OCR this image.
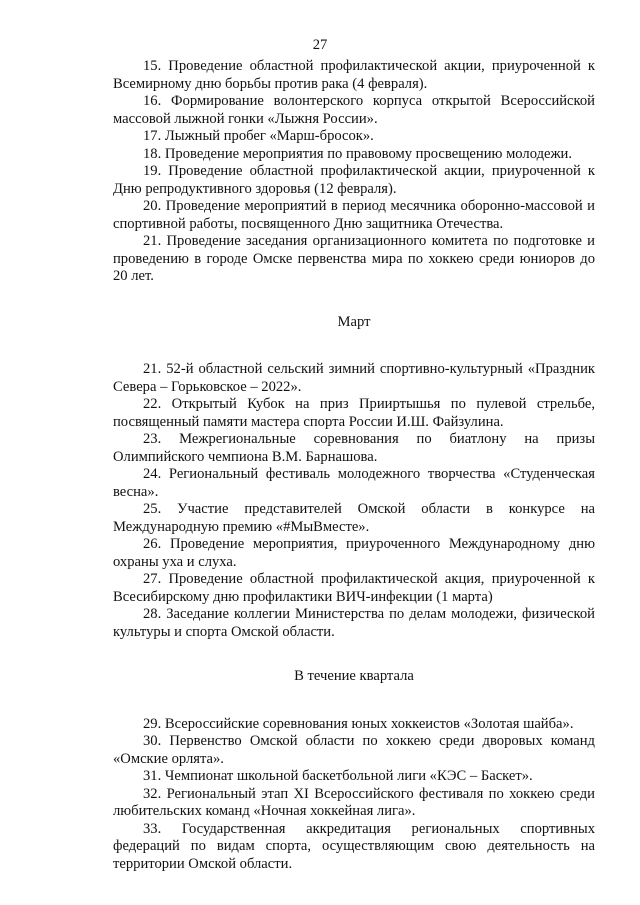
27

15. Проведение областной профилактической акции, приуроченной к Всемирному дню борьбы против рака (4 февраля).

16. Формирование волонтерского корпуса открытой Всероссийской массовой лыжной гонки «Лыжня России».

17. Лыжный пробег «Марш-бросок».

18. Проведение мероприятия по правовому просвещению молодежи.

19. Проведение областной профилактической акции, приуроченной к Дню репродуктивного здоровья (12 февраля).

20. Проведение мероприятий в период месячника оборонно-массовой и спортивной работы, посвященного Дню защитника Отечества.

21. Проведение заседания организационного комитета по подготовке и проведению в городе Омске первенства мира по хоккею среди юниоров до 20 лет.

Март

21. 52-й областной сельский зимний спортивно-культурный «Праздник Севера – Горьковское – 2022».

22. Открытый Кубок на приз Прииртышья по пулевой стрельбе, посвященный памяти мастера спорта России И.Ш. Файзулина.

23. Межрегиональные соревнования по биатлону на призы Олимпийского чемпиона В.М. Барнашова.

24. Региональный фестиваль молодежного творчества «Студенческая весна».

25. Участие представителей Омской области в конкурсе на Международную премию «#МыВместе».

26. Проведение мероприятия, приуроченного Международному дню охраны уха и слуха.

27. Проведение областной профилактической акция, приуроченной к Всесибирскому дню профилактики ВИЧ-инфекции (1 марта)

28. Заседание коллегии Министерства по делам молодежи, физической культуры и спорта Омской области.

В течение квартала

29. Всероссийские соревнования юных хоккеистов «Золотая шайба».

30. Первенство Омской области по хоккею среди дворовых команд «Омские орлята».

31. Чемпионат школьной баскетбольной лиги «КЭС – Баскет».

32. Региональный этап XI Всероссийского фестиваля по хоккею среди любительских команд «Ночная хоккейная лига».

33. Государственная аккредитация региональных спортивных федераций по видам спорта, осуществляющим свою деятельность на территории Омской области.
